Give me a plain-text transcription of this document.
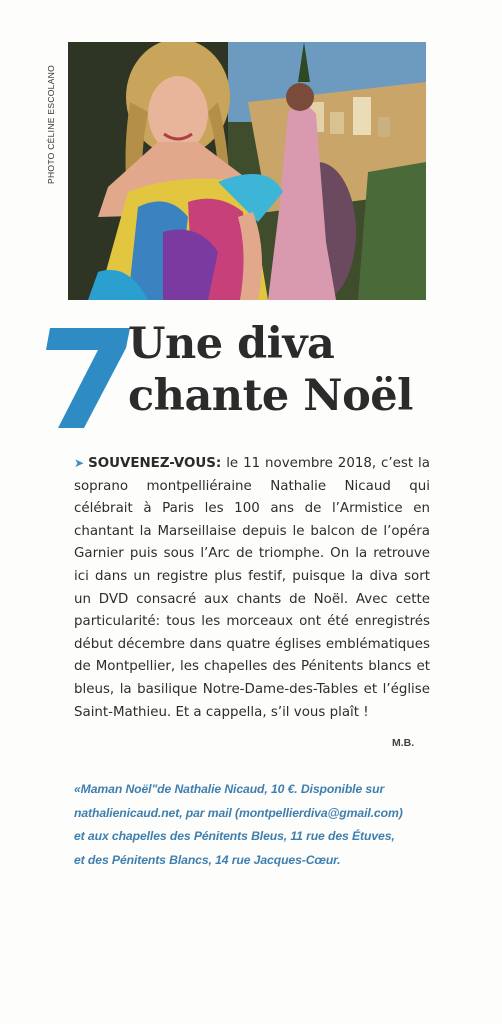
PHOTO CÉLINE ESCOLANO
Une diva
chante Noël
➤ SOUVENEZ-VOUS: le 11 novembre 2018, c’est la soprano montpelliéraine Nathalie Nicaud qui célébrait à Paris les 100 ans de l’Armistice en chantant la Marseillaise depuis le balcon de l’opéra Garnier puis sous l’Arc de triomphe. On la retrouve ici dans un registre plus festif, puisque la diva sort un DVD consacré aux chants de Noël. Avec cette particularité: tous les morceaux ont été enregistrés début décembre dans quatre églises emblématiques de Montpellier, les chapelles des Pénitents blancs et bleus, la basilique Notre-Dame-des-Tables et l’église Saint-Mathieu. Et a cappella, s’il vous plaît !
M.B.
«Maman Noël"de Nathalie Nicaud, 10 €. Disponible sur
nathalienicaud.net, par mail (montpellierdiva@gmail.com)
et aux chapelles des Pénitents Bleus, 11 rue des Étuves,
et des Pénitents Blancs, 14 rue Jacques-Cœur.
